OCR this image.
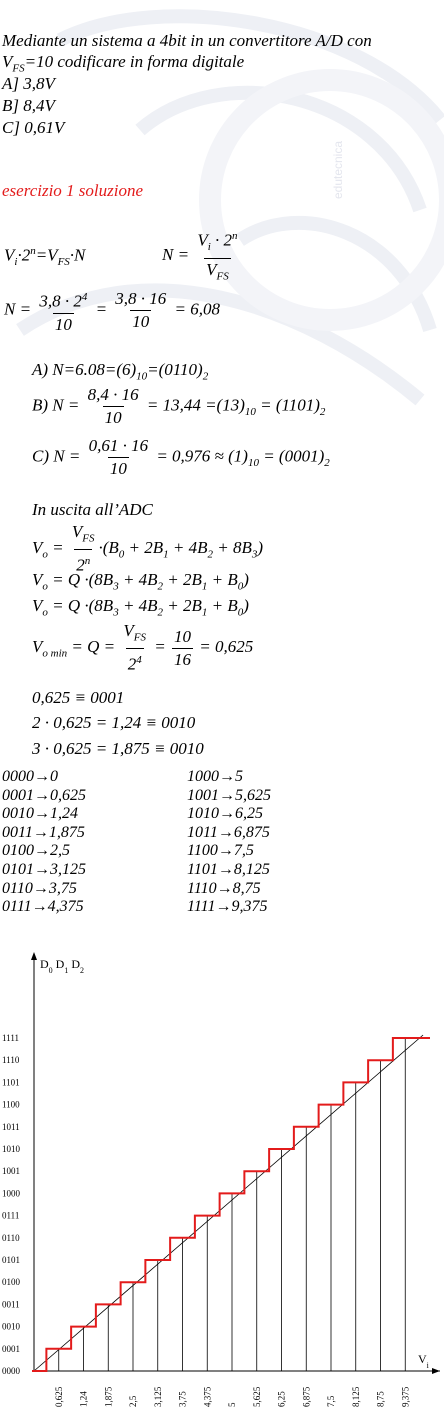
edutecnica
Mediante un sistema a 4bit in un convertitore A/D con
$V_{FS}=10$ codificare in forma digitale
A] 3,8V
B] 8,4V
C] 0,61V
esercizio 1 soluzione
$V_i\cdot 2^n=V_{FS}\cdot N$	$N = \frac{V_i \cdot 2^n}{V_{FS}}$
$N = \frac{3,8 \cdot 2^4}{10} = \frac{3,8 \cdot 16}{10} = 6,08$
A) $N=6.08=(6)_{10}=(0110)_2$
B) $N = \frac{8,4 \cdot 16}{10} = 13,44 =(13)_{10} = (1101)_2$
C) $N = \frac{0,61 \cdot 16}{10} = 0,976 \approx (1)_{10} = (0001)_2$
In uscita all’ADC
$V_o = \frac{V_{FS}}{2^n} \cdot(B_0 + 2B_1 + 4B_2 + 8B_3)$
$V_o = Q \cdot(8B_3 + 4B_2 + 2B_1 + B_0)$
$V_o = Q \cdot(8B_3 + 4B_2 + 2B_1 + B_0)$
$V_{o min} = Q = \frac{V_{FS}}{2^4} = \frac{10}{16} = 0,625$
0,625 ≡ 0001
2 · 0,625 = 1,24 ≡ 0010
3 · 0,625 = 1,875 ≡ 0010
0000→0
0001→0,625
0010→1,24
0011→1,875
0100→2,5
0101→3,125
0110→3,75
0111→4,375
1000→5
1001→5,625
1010→6,25
1011→6,875
1100→7,5
1101→8,125
1110→8,75
1111→9,375
0000
0001
0010
0011
0100
0101
0110
0111
1000
1001
1010
1011
1100
1101
1110
1111
$D_0$ $D_1$ $D_2$
$V_i$
0,625 1,24 1,875 2,5 3,125 3,75 4,375 5 5,625 6,25 6,875 7,5 8,125 8,75 9,375
